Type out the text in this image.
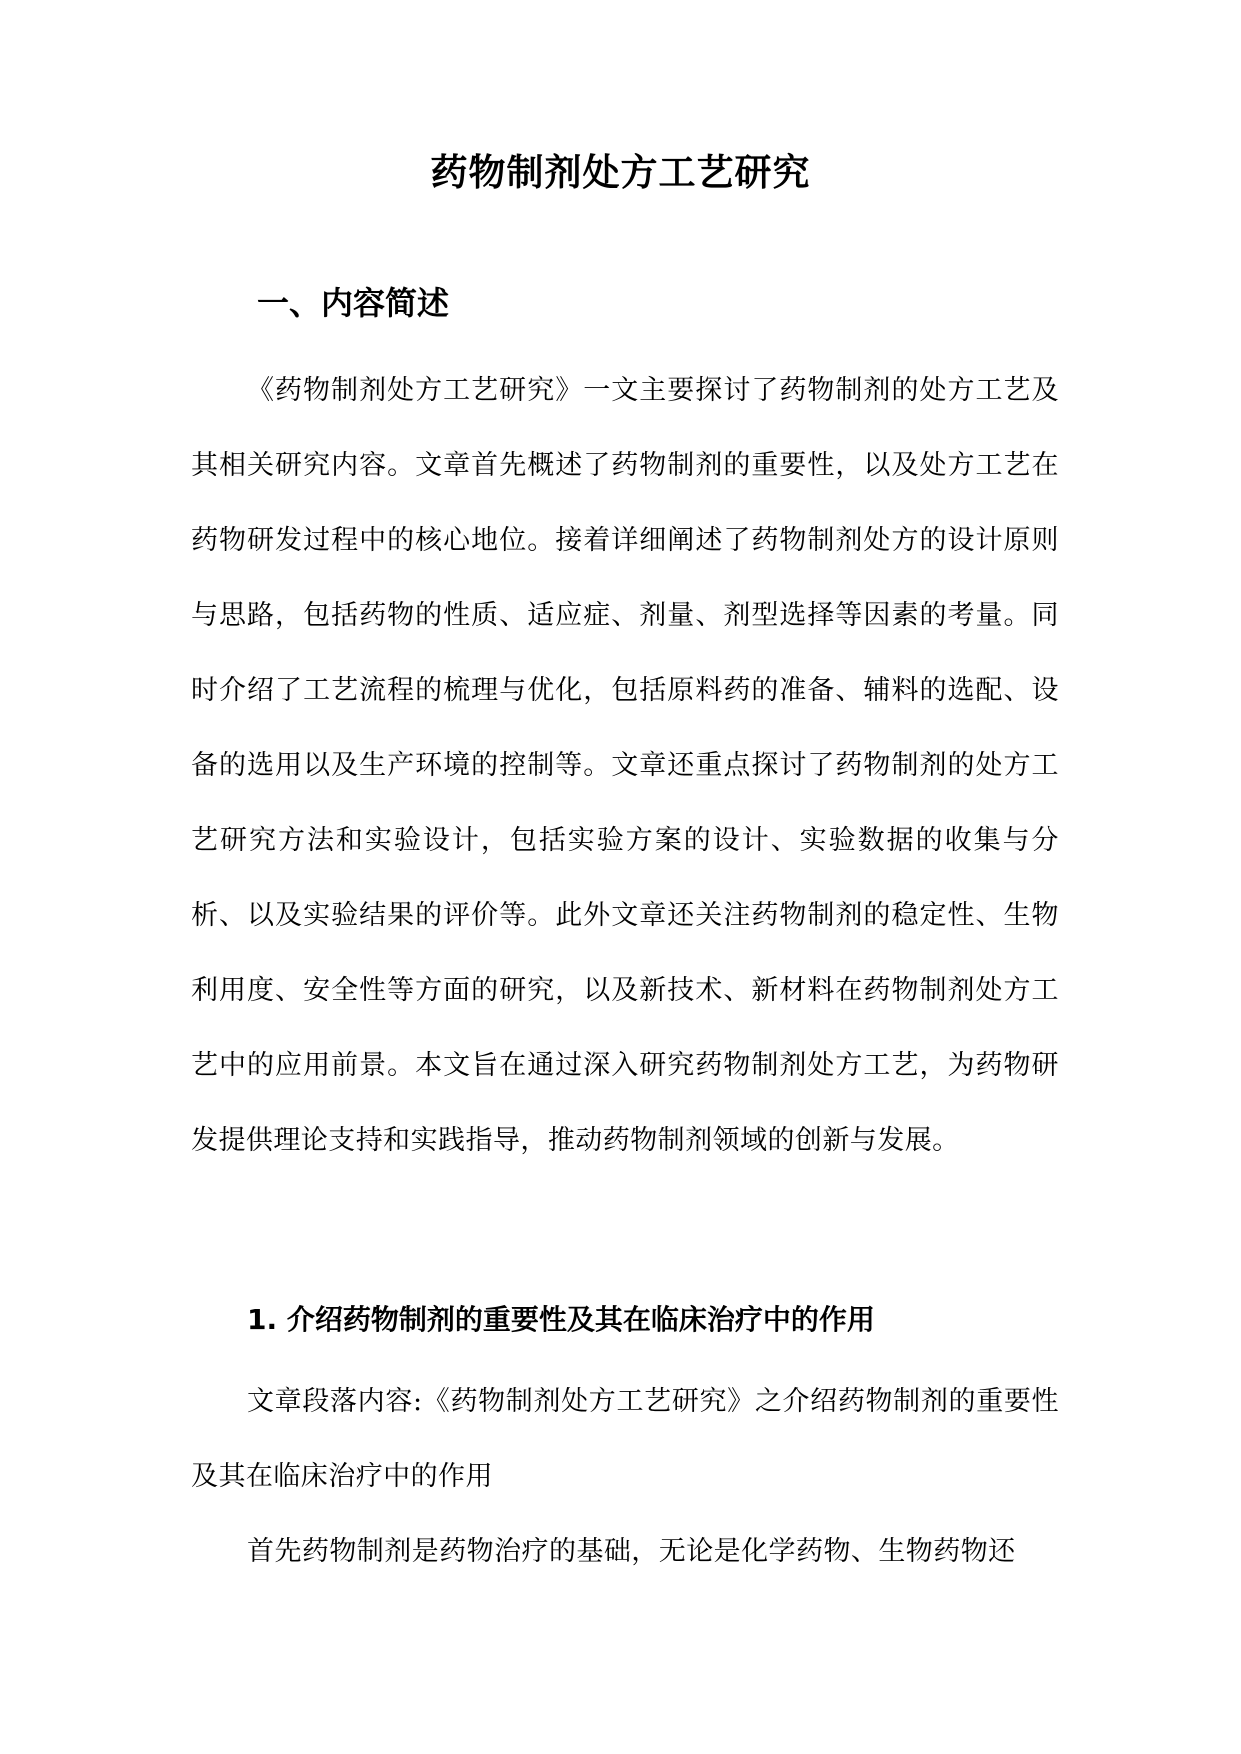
药物制剂处方工艺研究
一、内容简述

《药物制剂处方工艺研究》一文主要探讨了药物制剂的处方工艺及其相关研究内容。文章首先概述了药物制剂的重要性，以及处方工艺在药物研发过程中的核心地位。接着详细阐述了药物制剂处方的设计原则与思路，包括药物的性质、适应症、剂量、剂型选择等因素的考量。同时介绍了工艺流程的梳理与优化，包括原料药的准备、辅料的选配、设备的选用以及生产环境的控制等。文章还重点探讨了药物制剂的处方工艺研究方法和实验设计，包括实验方案的设计、实验数据的收集与分析、以及实验结果的评价等。此外文章还关注药物制剂的稳定性、生物利用度、安全性等方面的研究，以及新技术、新材料在药物制剂处方工艺中的应用前景。本文旨在通过深入研究药物制剂处方工艺，为药物研发提供理论支持和实践指导，推动药物制剂领域的创新与发展。

1. 介绍药物制剂的重要性及其在临床治疗中的作用

文章段落内容:《药物制剂处方工艺研究》之介绍药物制剂的重要性及其在临床治疗中的作用

首先药物制剂是药物治疗的基础，无论是化学药物、生物药物还
